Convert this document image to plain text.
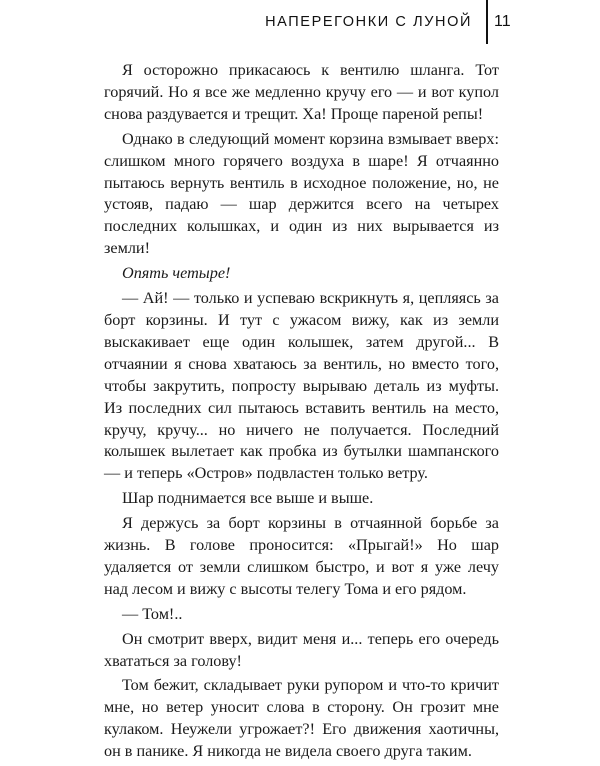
НАПЕРЕГОНКИ С ЛУНОЙ 11

Я осторожно прикасаюсь к вентилю шланга. Тот горячий. Но я все же медленно кручу его — и вот купол снова раздувается и трещит. Ха! Проще пареной репы!

Однако в следующий момент корзина взмывает вверх: слишком много горячего воздуха в шаре! Я отчаянно пытаюсь вернуть вентиль в исходное положение, но, не устояв, падаю — шар держится всего на четырех последних колышках, и один из них вырывается из земли!

Опять четыре!

— Ай! — только и успеваю вскрикнуть я, цепляясь за борт корзины. И тут с ужасом вижу, как из земли выскакивает еще один колышек, затем другой... В отчаянии я снова хватаюсь за вентиль, но вместо того, чтобы закрутить, попросту вырываю деталь из муфты. Из последних сил пытаюсь вставить вентиль на место, кручу, кручу... но ничего не получается. Последний колышек вылетает как пробка из бутылки шампанского — и теперь «Остров» подвластен только ветру.

Шар поднимается все выше и выше.

Я держусь за борт корзины в отчаянной борьбе за жизнь. В голове проносится: «Прыгай!» Но шар удаляется от земли слишком быстро, и вот я уже лечу над лесом и вижу с высоты телегу Тома и его рядом.

— Том!..

Он смотрит вверх, видит меня и... теперь его очередь хвататься за голову!

Том бежит, складывает руки рупором и что-то кричит мне, но ветер уносит слова в сторону. Он грозит мне кулаком. Неужели угрожает?! Его движения хаотичны, он в панике. Я никогда не видела своего друга таким.
